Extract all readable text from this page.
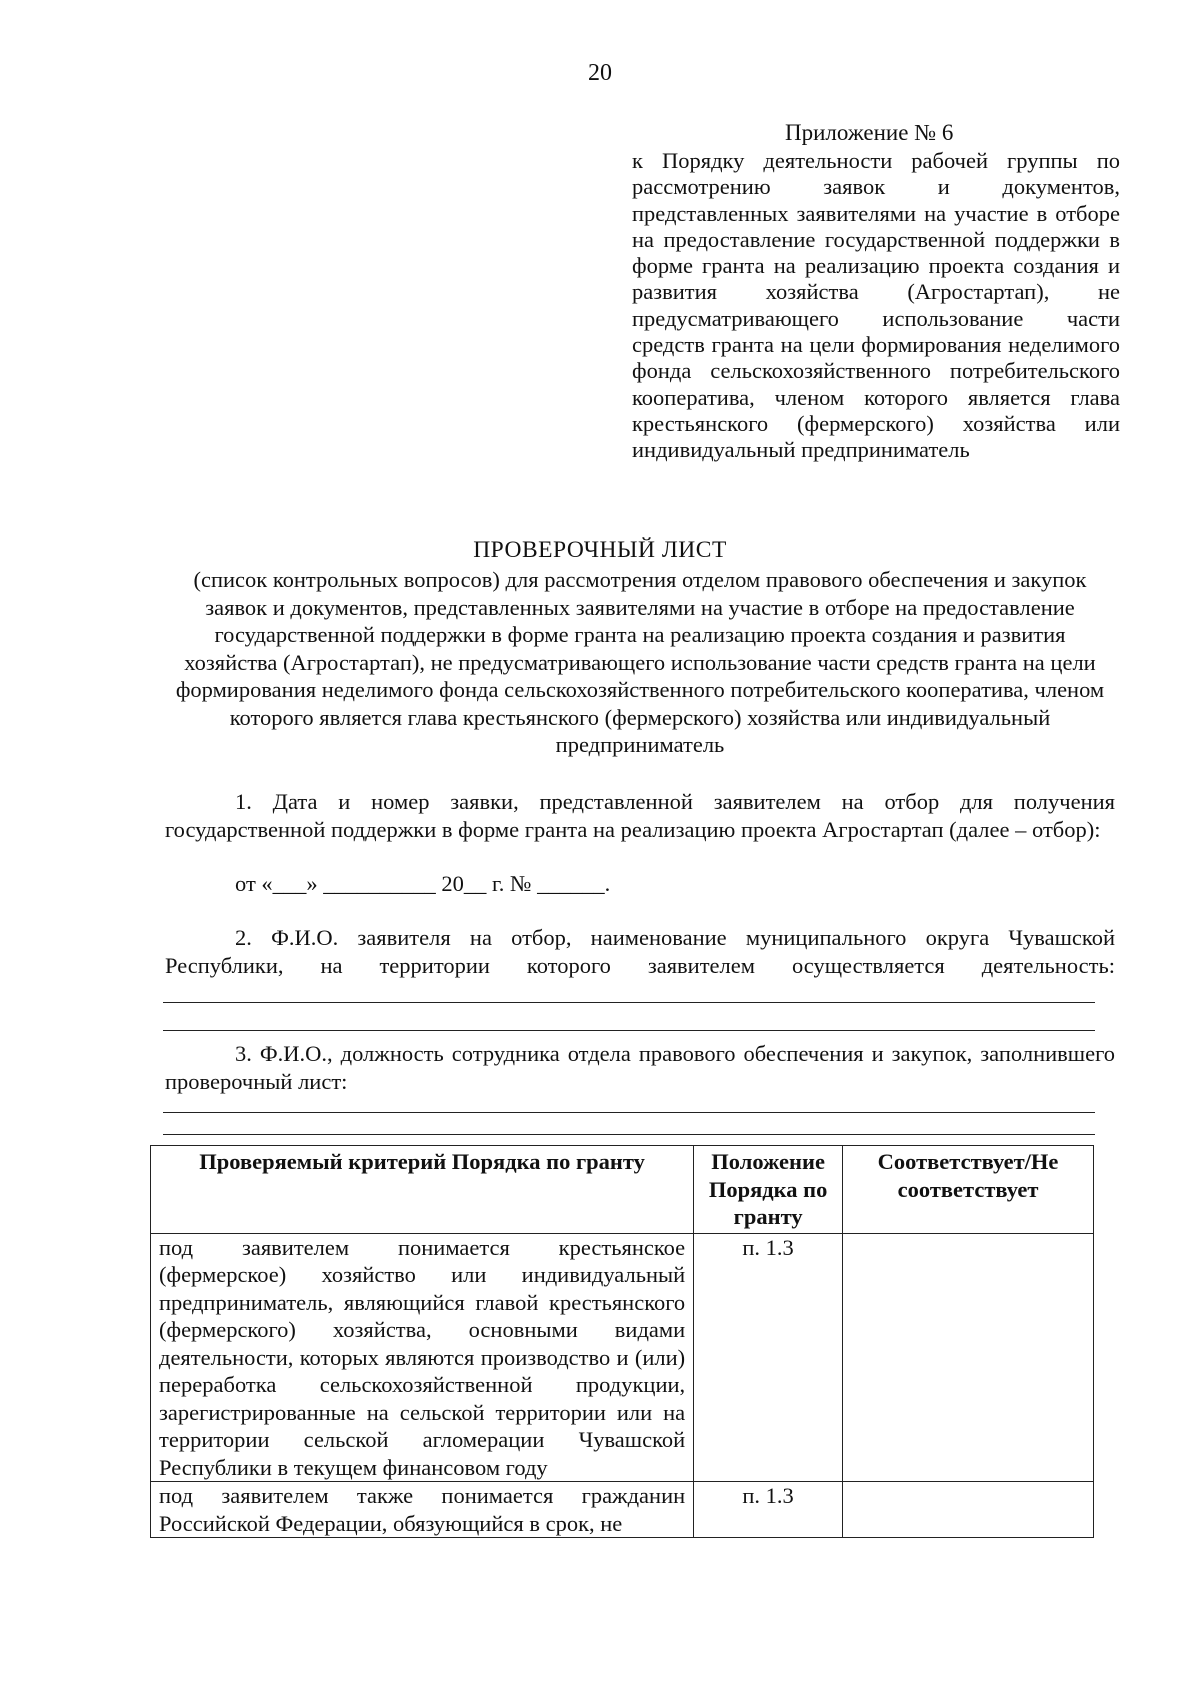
20
Приложение № 6
к Порядку деятельности рабочей группы по рассмотрению заявок и документов, представленных заявителями на участие в отборе на предоставление государственной поддержки в форме гранта на реализацию проекта создания и развития хозяйства (Агростартап), не предусматривающего использование части средств гранта на цели формирования неделимого фонда сельскохозяйственного потребительского кооператива, членом которого является глава крестьянского (фермерского) хозяйства или индивидуальный предприниматель
ПРОВЕРОЧНЫЙ ЛИСТ
(список контрольных вопросов) для рассмотрения отделом правового обеспечения и закупок заявок и документов, представленных заявителями на участие в отборе на предоставление государственной поддержки в форме гранта на реализацию проекта создания и развития хозяйства (Агростартап), не предусматривающего использование части средств гранта на цели формирования неделимого фонда сельскохозяйственного потребительского кооператива, членом которого является глава крестьянского (фермерского) хозяйства или индивидуальный предприниматель
1. Дата и номер заявки, представленной заявителем на отбор для получения государственной поддержки в форме гранта на реализацию проекта Агростартап (далее – отбор):
от «___» __________ 20__ г. № ______.
2. Ф.И.О. заявителя на отбор, наименование муниципального округа Чувашской Республики, на территории которого заявителем осуществляется деятельность:
3. Ф.И.О., должность сотрудника отдела правового обеспечения и закупок, заполнившего проверочный лист:
Проверяемый критерий Порядка по гранту	Положение Порядка по гранту	Соответствует/Не соответствует
под заявителем понимается крестьянское (фермерское) хозяйство или индивидуальный предприниматель, являющийся главой крестьянского (фермерского) хозяйства, основными видами деятельности, которых являются производство и (или) переработка сельскохозяйственной продукции, зарегистрированные на сельской территории или на территории сельской агломерации Чувашской Республики в текущем финансовом году	п. 1.3	
под заявителем также понимается гражданин Российской Федерации, обязующийся в срок, не	п. 1.3	
